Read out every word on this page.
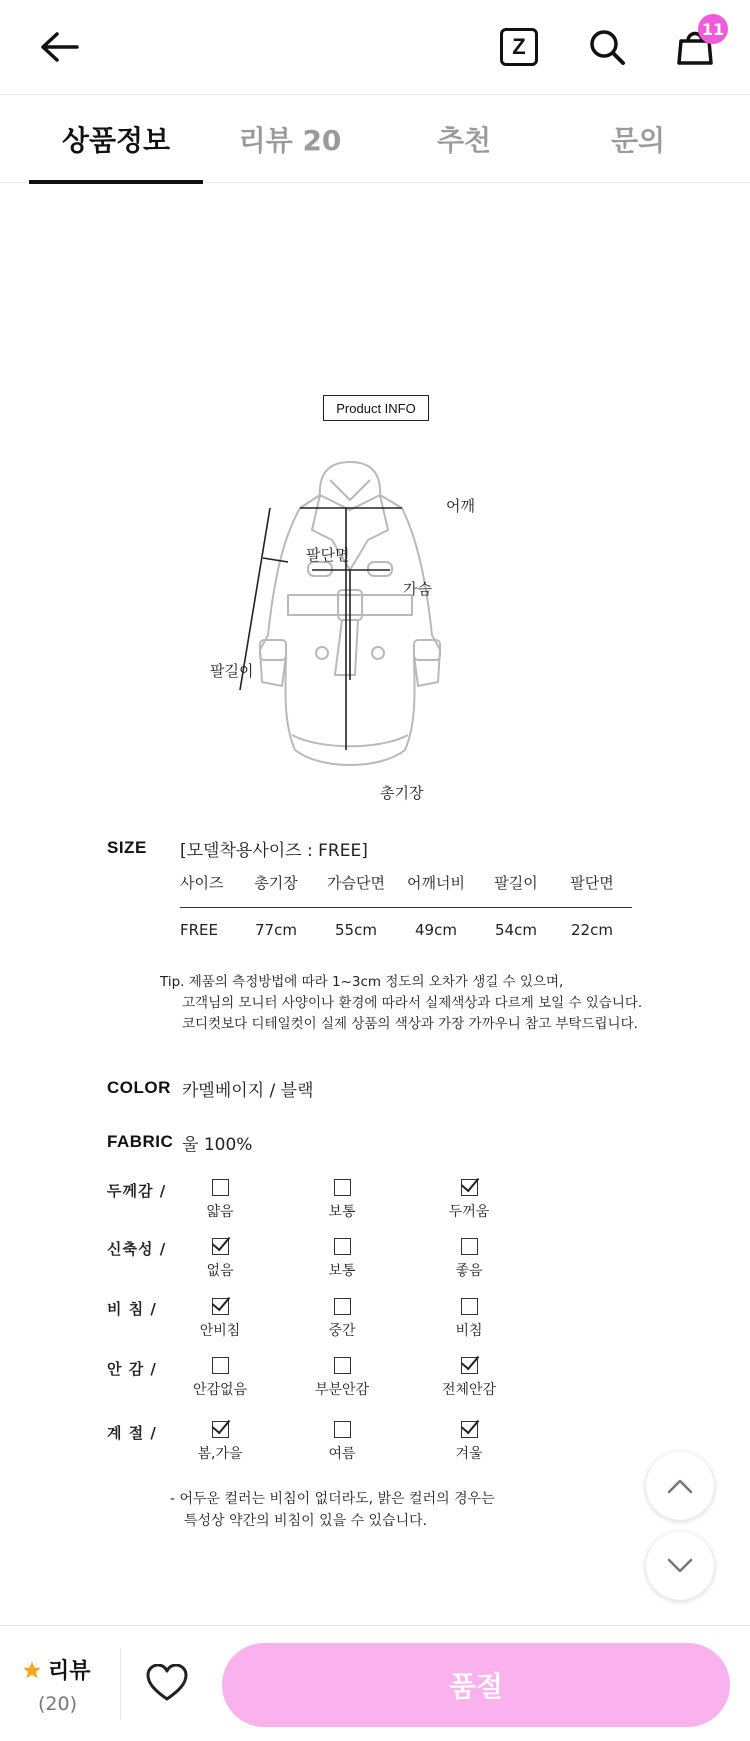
Z
11
상품정보	리뷰 20	추천	문의
Product INFO
어깨
팔단면
가슴
팔길이
총기장
SIZE [모델착용사이즈 : FREE]
사이즈	총기장	가슴단면	어깨너비	팔길이	팔단면
FREE	77cm	55cm	49cm	54cm	22cm
Tip. 제품의 측정방법에 따라 1~3cm 정도의 오차가 생길 수 있으며,
고객님의 모니터 사양이나 환경에 따라서 실제색상과 다르게 보일 수 있습니다.
코디컷보다 디테일컷이 실제 상품의 색상과 가장 가까우니 참고 부탁드립니다.
COLOR 카멜베이지 / 블랙
FABRIC 울 100%
두께감 /
얇음	보통	두꺼움
신축성 /
없음	보통	좋음
비 침 /
안비침	중간	비침
안 감 /
안감없음	부분안감	전체안감
계 절 /
봄,가을	여름	겨울
- 어두운 컬러는 비침이 없더라도, 밝은 컬러의 경우는
특성상 약간의 비침이 있을 수 있습니다.
리뷰
(20)
품절
